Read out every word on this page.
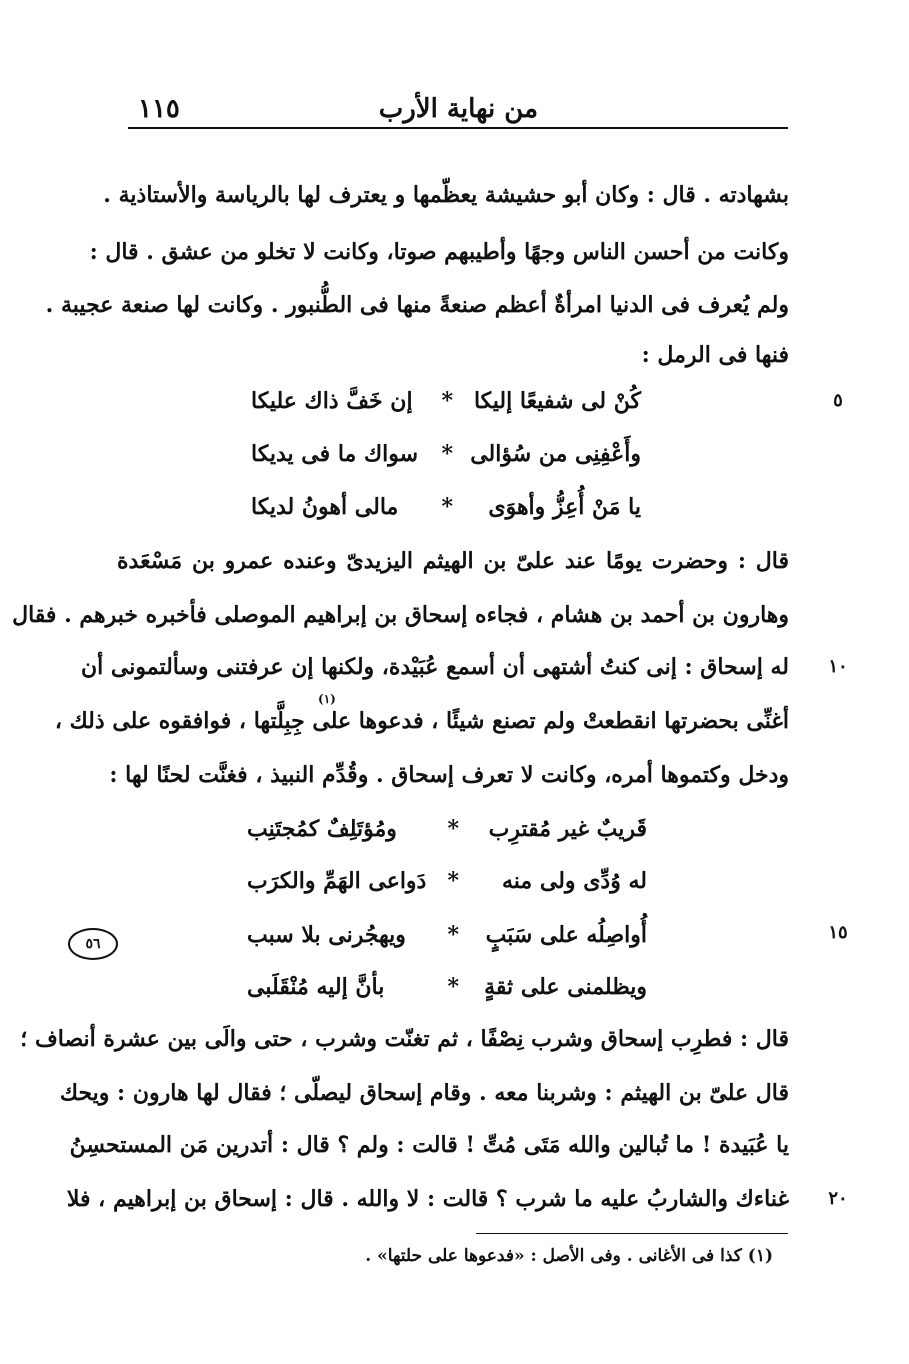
من نهاية الأرب
١١٥
بشهادته . قال : وكان أبو حشيشة يعظّمها و يعترف لها بالرياسة والأستاذية .
وكانت من أحسن الناس وجهًا وأطيبهم صوتا، وكانت لا تخلو من عشق . قال :
ولم يُعرف فى الدنيا امرأةٌ أعظم صنعةً منها فى الطُّنبور . وكانت لها صنعة عجيبة .
فنها فى الرمل :
كُنْ لى شفيعًا إليكا
*
إن خَفَّ ذاك عليكا
وأَعْفِنِى من سُؤالى
*
سواك ما فى يديكا
يا مَنْ أُعِزُّ وأهوَى
*
مالى أهونُ لديكا
قال : وحضرت يومًا عند علىّ بن الهيثم اليزيدىّ وعنده عمرو بن مَسْعَدة
وهارون بن أحمد بن هشام ، فجاءه إسحاق بن إبراهيم الموصلى فأخبره خبرهم . فقال
له إسحاق : إنى كنتُ أشتهى أن أسمع عُبَيْدة، ولكنها إن عرفتنى وسألتمونى أن
أغنِّى بحضرتها انقطعتْ ولم تصنع شيئًا ، فدعوها على جِبِلَّتها ، فوافقوه على ذلك ،
ودخل وكتموها أمره، وكانت لا تعرف إسحاق . وقُدِّم النبيذ ، فغنَّت لحنًا لها :
(١)
قَريبٌ غير مُقترِب
*
ومُؤتَلِفٌ كمُجتَنِب
له وُدِّى ولى منه
*
دَواعى الهَمِّ والكرَب
أُواصِلُه على سَبَبٍ
*
ويهجُرنى بلا سبب
ويظلمنى على ثقةٍ
*
بأنَّ إليه مُنْقَلَبى
قال : فطرِب إسحاق وشرب نِصْفًا ، ثم تغنّت وشرب ، حتى والَى بين عشرة أنصاف ؛
قال علىّ بن الهيثم : وشربنا معه . وقام إسحاق ليصلّى ؛ فقال لها هارون : ويحك
يا عُبَيدة ! ما تُبالين والله مَتَى مُتِّ ! قالت : ولم ؟ قال : أتدرين مَن المستحسِنُ
غناءك والشاربُ عليه ما شرب ؟ قالت : لا والله . قال : إسحاق بن إبراهيم ، فلا
٥
١٠
١٥
٢٠
٥٦
(١) كذا فى الأغانى . وفى الأصل : «فدعوها على حلتها» .
